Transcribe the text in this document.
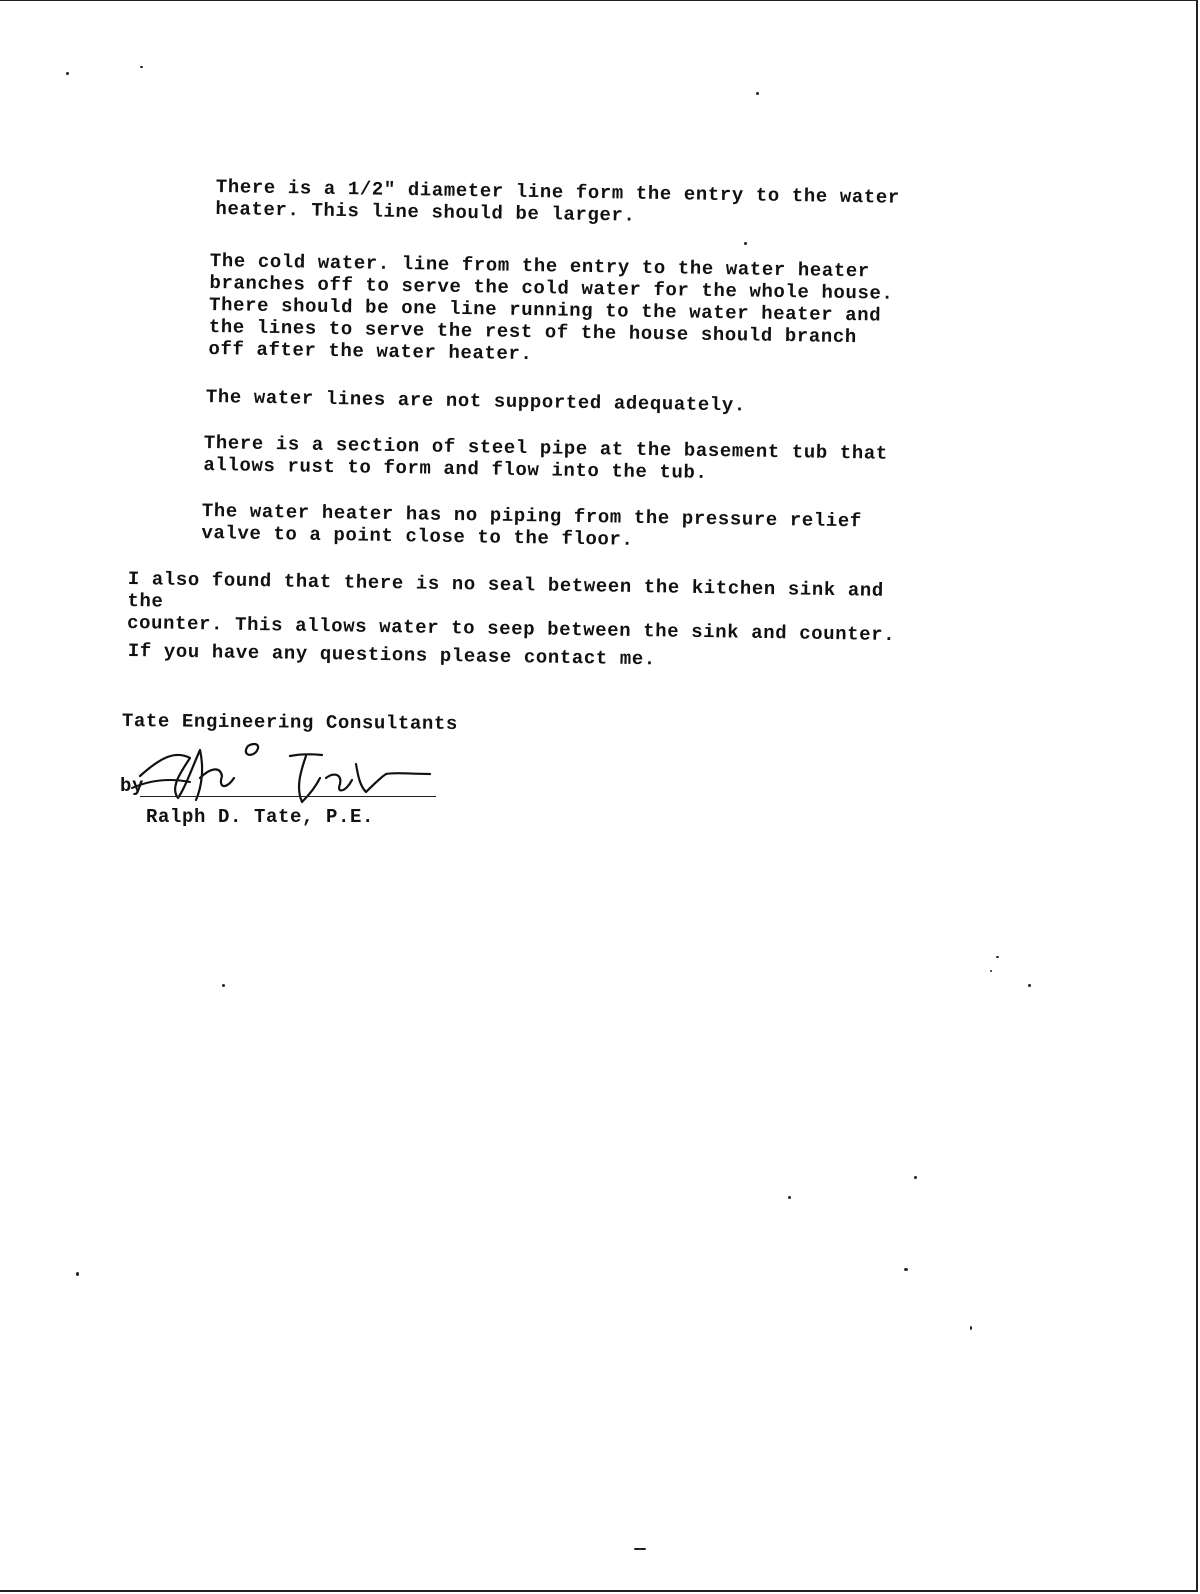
There is a 1/2" diameter line form the entry to the water
heater. This line should be larger.
The cold water. line from the entry to the water heater
branches off to serve the cold water for the whole house.
There should be one line running to the water heater and
the lines to serve the rest of the house should branch
off after the water heater.
The water lines are not supported adequately.
There is a section of steel pipe at the basement tub that
allows rust to form and flow into the tub.
The water heater has no piping from the pressure relief
valve to a point close to the floor.
I also found that there is no seal between the kitchen sink and the
counter. This allows water to seep between the sink and counter.
If you have any questions please contact me.
Tate Engineering Consultants
by
Ralph D. Tate, P.E.
